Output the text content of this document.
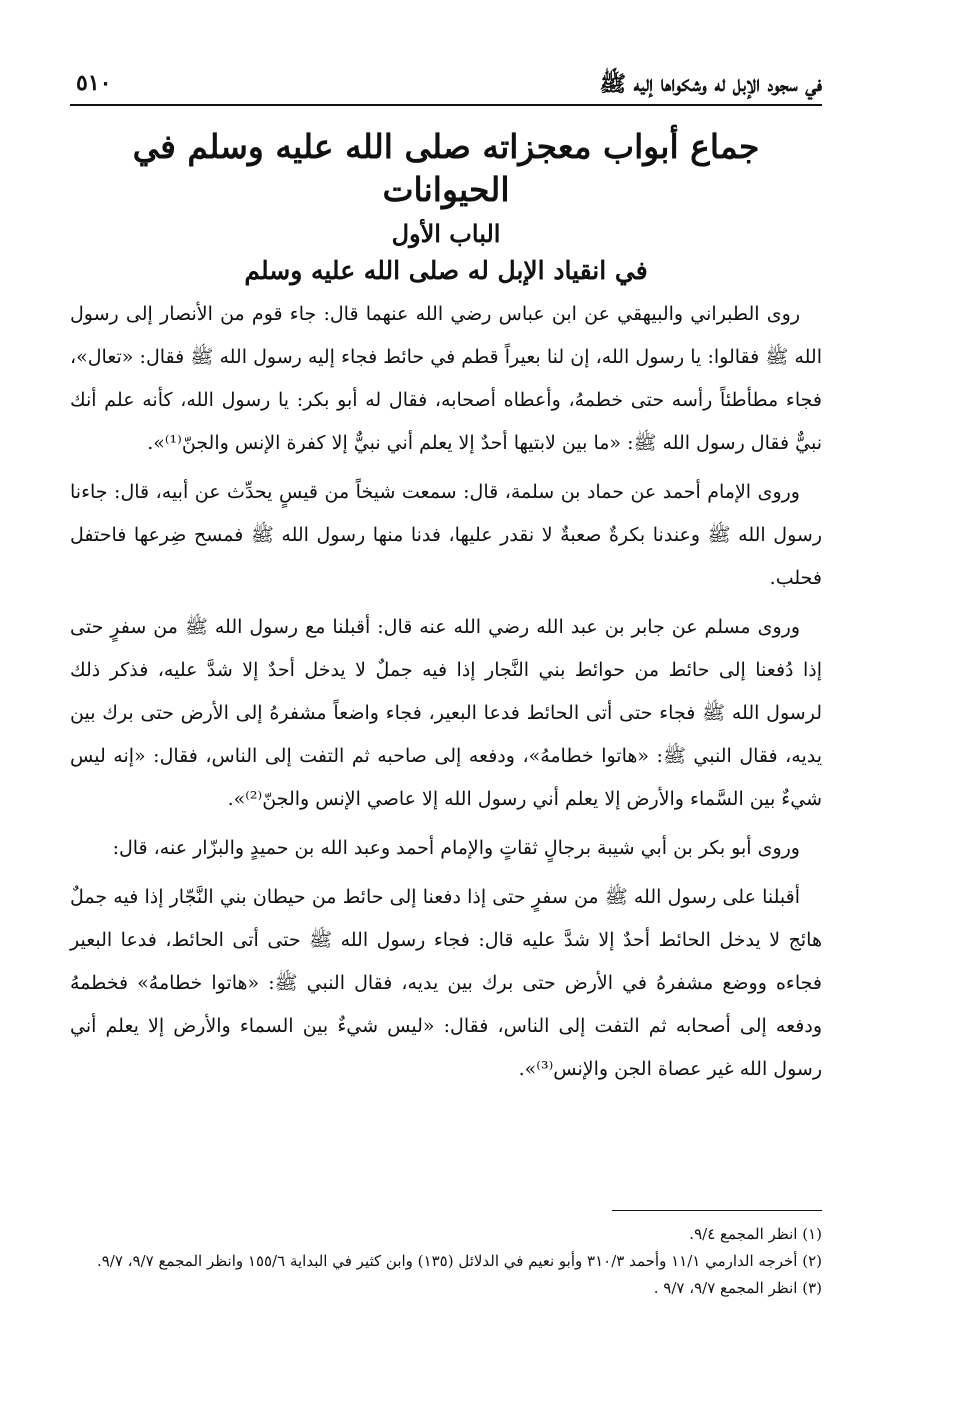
في سجود الإبل له وشكواها إليه ﷺ
٥١٠
جماع أبواب معجزاته صلى الله عليه وسلم في الحيوانات
الباب الأول
في انقياد الإبل له صلى الله عليه وسلم

روى الطبراني والبيهقي عن ابن عباس رضي الله عنهما قال: جاء قوم من الأنصار إلى رسول الله ﷺ فقالوا: يا رسول الله، إن لنا بعيراً قطم في حائط فجاء إليه رسول الله ﷺ فقال: «تعال»، فجاء مطأطئاً رأسه حتى خطمهُ، وأعطاه أصحابه، فقال له أبو بكر: يا رسول الله، كأنه علم أنك نبيٌّ فقال رسول الله ﷺ: «ما بين لابتيها أحدٌ إلا يعلم أني نبيٌّ إلا كفرة الإنس والجنّ⁽¹⁾».

وروى الإمام أحمد عن حماد بن سلمة، قال: سمعت شيخاً من قيسٍ يحدِّث عن أبيه، قال: جاءنا رسول الله ﷺ وعندنا بكرةٌ صعبةٌ لا نقدر عليها، فدنا منها رسول الله ﷺ فمسح ضِرعها فاحتفل فحلب.

وروى مسلم عن جابر بن عبد الله رضي الله عنه قال: أقبلنا مع رسول الله ﷺ من سفرٍ حتى إذا دُفعنا إلى حائط من حوائط بني النَّجار إذا فيه جملٌ لا يدخل أحدٌ إلا شدَّ عليه، فذكر ذلك لرسول الله ﷺ فجاء حتى أتى الحائط فدعا البعير، فجاء واضعاً مشفرهُ إلى الأرض حتى برك بين يديه، فقال النبي ﷺ: «هاتوا خطامهُ»، ودفعه إلى صاحبه ثم التفت إلى الناس، فقال: «إنه ليس شيءٌ بين السَّماء والأرض إلا يعلم أني رسول الله إلا عاصي الإنس والجنّ⁽²⁾».

وروى أبو بكر بن أبي شيبة برجالٍ ثقاتٍ والإمام أحمد وعبد الله بن حميدٍ والبزّار عنه، قال:

أقبلنا على رسول الله ﷺ من سفرٍ حتى إذا دفعنا إلى حائط من حيطان بني النَّجّار إذا فيه جملٌ هائج لا يدخل الحائط أحدٌ إلا شدَّ عليه قال: فجاء رسول الله ﷺ حتى أتى الحائط، فدعا البعير فجاءه ووضع مشفرهُ في الأرض حتى برك بين يديه، فقال النبي ﷺ: «هاتوا خطامهُ» فخطمهُ ودفعه إلى أصحابه ثم التفت إلى الناس، فقال: «ليس شيءٌ بين السماء والأرض إلا يعلم أني رسول الله غير عصاة الجن والإنس⁽³⁾».

(١) انظر المجمع ٩/٤.

(٢) أخرجه الدارمي ١١/١ وأحمد ٣١٠/٣ وأبو نعيم في الدلائل (١٣٥) وابن كثير في البداية ١٥٥/٦ وانظر المجمع ٩/٧، ٩/٧.

(٣) انظر المجمع ٩/٧، ٩/٧ .
